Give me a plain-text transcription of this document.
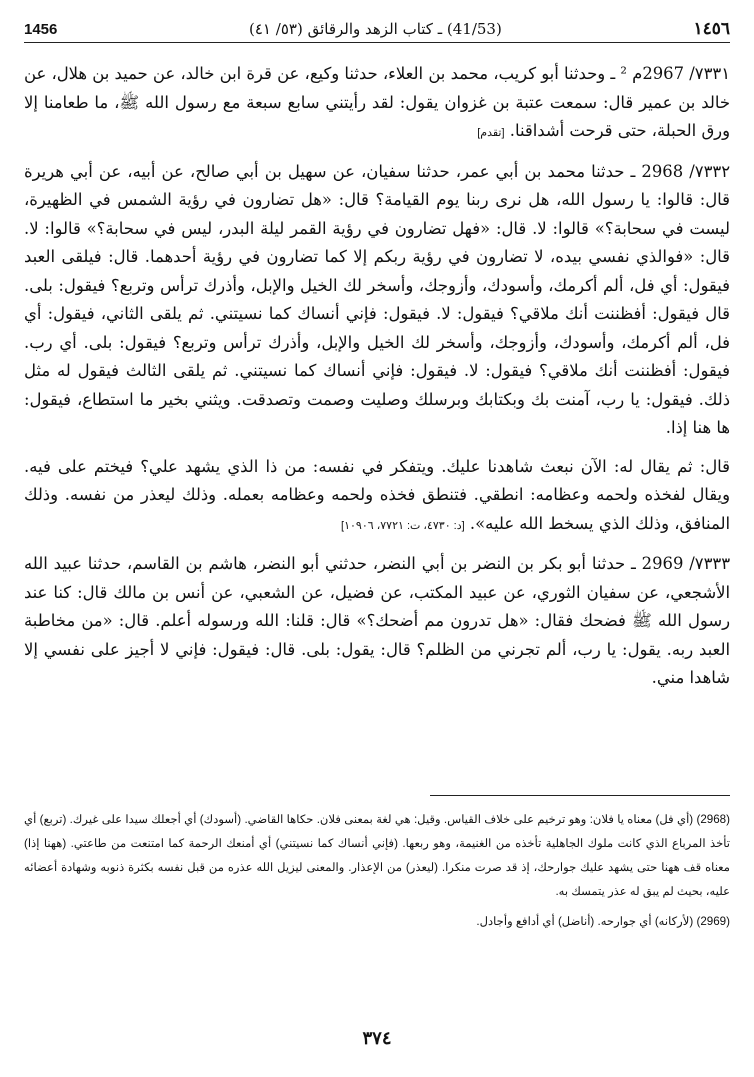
1456	(41/53) ـ كتاب الزهد والرقائق (٥٣/ ٤١)	١٤٥٦

٧٣٣١/ 2967م ² ـ وحدثنا أبو كريب، محمد بن العلاء، حدثنا وكيع، عن قرة ابن خالد، عن حميد بن هلال، عن خالد بن عمير قال: سمعت عتبة بن غزوان يقول: لقد رأيتني سابع سبعة مع رسول الله ﷺ، ما طعامنا إلا ورق الحبلة، حتى قرحت أشداقنا. [تقدم]

٧٣٣٢/ 2968 ـ حدثنا محمد بن أبي عمر، حدثنا سفيان، عن سهيل بن أبي صالح، عن أبيه، عن أبي هريرة قال: قالوا: يا رسول الله، هل نرى ربنا يوم القيامة؟ قال: «هل تضارون في رؤية الشمس في الظهيرة، ليست في سحابة؟» قالوا: لا. قال: «فهل تضارون في رؤية القمر ليلة البدر، ليس في سحابة؟» قالوا: لا. قال: «فوالذي نفسي بيده، لا تضارون في رؤية ربكم إلا كما تضارون في رؤية أحدهما. قال: فيلقى العبد فيقول: أي فل، ألم أكرمك، وأسودك، وأزوجك، وأسخر لك الخيل والإبل، وأذرك ترأس وتربع؟ فيقول: بلى. قال فيقول: أفظننت أنك ملاقي؟ فيقول: لا. فيقول: فإني أنساك كما نسيتني. ثم يلقى الثاني، فيقول: أي فل، ألم أكرمك، وأسودك، وأزوجك، وأسخر لك الخيل والإبل، وأذرك ترأس وتربع؟ فيقول: بلى. أي رب. فيقول: أفظننت أنك ملاقي؟ فيقول: لا. فيقول: فإني أنساك كما نسيتني. ثم يلقى الثالث فيقول له مثل ذلك. فيقول: يا رب، آمنت بك وبكتابك وبرسلك وصليت وصمت وتصدقت. ويثني بخير ما استطاع، فيقول: ها هنا إذا.

قال: ثم يقال له: الآن نبعث شاهدنا عليك. ويتفكر في نفسه: من ذا الذي يشهد علي؟ فيختم على فيه. ويقال لفخذه ولحمه وعظامه: انطقي. فتنطق فخذه ولحمه وعظامه بعمله. وذلك ليعذر من نفسه. وذلك المنافق، وذلك الذي يسخط الله عليه». [د: ٤٧٣٠، ت: ٧٧٢١، ١٠٩٠٦]

٧٣٣٣/ 2969 ـ حدثنا أبو بكر بن النضر بن أبي النضر، حدثني أبو النضر، هاشم بن القاسم، حدثنا عبيد الله الأشجعي، عن سفيان الثوري، عن عبيد المكتب، عن فضيل، عن الشعبي، عن أنس بن مالك قال: كنا عند رسول الله ﷺ فضحك فقال: «هل تدرون مم أضحك؟» قال: قلنا: الله ورسوله أعلم. قال: «من مخاطبة العبد ربه. يقول: يا رب، ألم تجرني من الظلم؟ قال: يقول: بلى. قال: فيقول: فإني لا أجيز على نفسي إلا شاهدا مني.

(2968) (أي فل) معناه يا فلان: وهو ترخيم على خلاف القياس. وقيل: هي لغة بمعنى فلان. حكاها القاضي. (أسودك) أي أجعلك سيدا على غيرك. (تربع) أي تأخذ المرباع الذي كانت ملوك الجاهلية تأخذه من الغنيمة، وهو ربعها. (فإني أنساك كما نسيتني) أي أمنعك الرحمة كما امتنعت من طاعتي. (ههنا إذا) معناه قف ههنا حتى يشهد عليك جوارحك، إذ قد صرت منكرا. (ليعذر) من الإعذار. والمعنى ليزيل الله عذره من قبل نفسه بكثرة ذنوبه وشهادة أعضائه عليه، بحيث لم يبق له عذر يتمسك به.

(2969) (لأركانه) أي جوارحه. (أناضل) أي أدافع وأجادل.

٣٧٤
